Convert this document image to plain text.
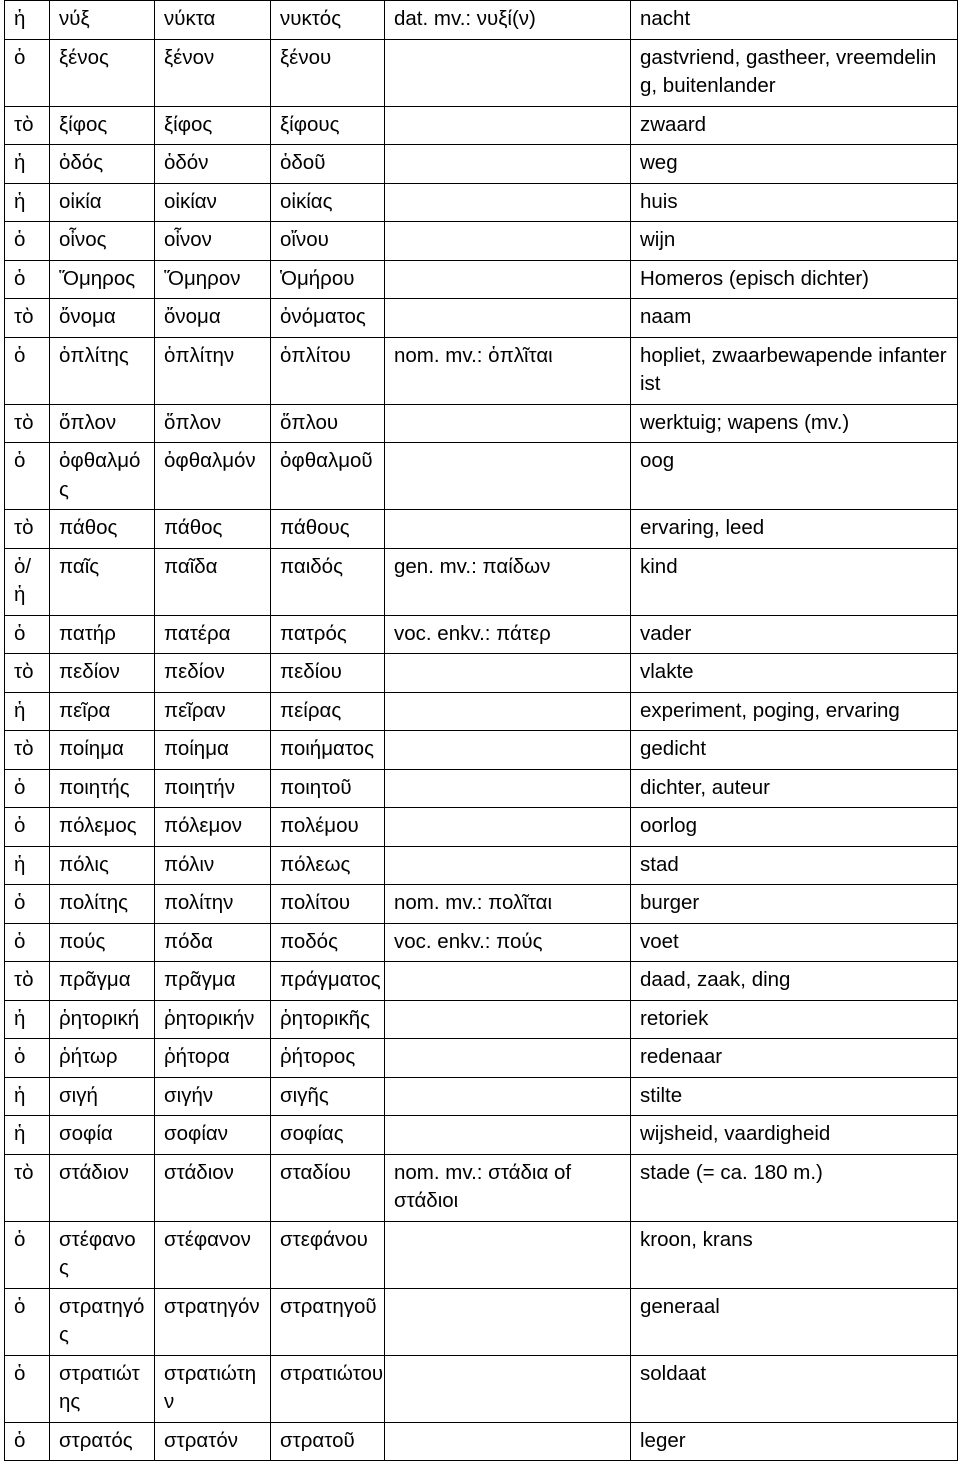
ἡ	νύξ	νύκτα	νυκτός	dat. mv.: νυξί(ν)	nacht
ὁ	ξένος	ξένον	ξένου		gastvriend, gastheer, vreemdeling, buitenlander
τὸ	ξίφος	ξίφος	ξίφους		zwaard
ἡ	ὁδός	ὁδόν	ὁδοῦ		weg
ἡ	οἰκία	οἰκίαν	οἰκίας		huis
ὁ	οἶνος	οἶνον	οἴνου		wijn
ὁ	Ὅμηρος	Ὅμηρον	Ὁμήρου		Homeros (episch dichter)
τὸ	ὄνομα	ὄνομα	ὀνόματος		naam
ὁ	ὁπλίτης	ὁπλίτην	ὁπλίτου	nom. mv.: ὁπλῖται	hopliet, zwaarbewapende infanterist
τὸ	ὅπλον	ὅπλον	ὅπλου		werktuig; wapens (mv.)
ὁ	ὀφθαλμός	ὀφθαλμόν	ὀφθαλμοῦ		oog
τὸ	πάθος	πάθος	πάθους		ervaring, leed
ὁ/ἡ	παῖς	παῖδα	παιδός	gen. mv.: παίδων	kind
ὁ	πατήρ	πατέρα	πατρός	voc. enkv.: πάτερ	vader
τὸ	πεδίον	πεδίον	πεδίου		vlakte
ἡ	πεῖρα	πεῖραν	πείρας		experiment, poging, ervaring
τὸ	ποίημα	ποίημα	ποιήματος		gedicht
ὁ	ποιητής	ποιητήν	ποιητοῦ		dichter, auteur
ὁ	πόλεμος	πόλεμον	πολέμου		oorlog
ἡ	πόλις	πόλιν	πόλεως		stad
ὁ	πολίτης	πολίτην	πολίτου	nom. mv.: πολῖται	burger
ὁ	πούς	πόδα	ποδός	voc. enkv.: πούς	voet
τὸ	πρᾶγμα	πρᾶγμα	πράγματος		daad, zaak, ding
ἡ	ῥητορική	ῥητορικήν	ῥητορικῆς		retoriek
ὁ	ῥήτωρ	ῥήτορα	ῥήτορος		redenaar
ἡ	σιγή	σιγήν	σιγῆς		stilte
ἡ	σοφία	σοφίαν	σοφίας		wijsheid, vaardigheid
τὸ	στάδιον	στάδιον	σταδίου	nom. mv.: στάδια of στάδιοι	stade (= ca. 180 m.)
ὁ	στέφανος	στέφανον	στεφάνου		kroon, krans
ὁ	στρατηγός	στρατηγόν	στρατηγοῦ		generaal
ὁ	στρατιώτης	στρατιώτην	στρατιώτου		soldaat
ὁ	στρατός	στρατόν	στρατοῦ		leger
